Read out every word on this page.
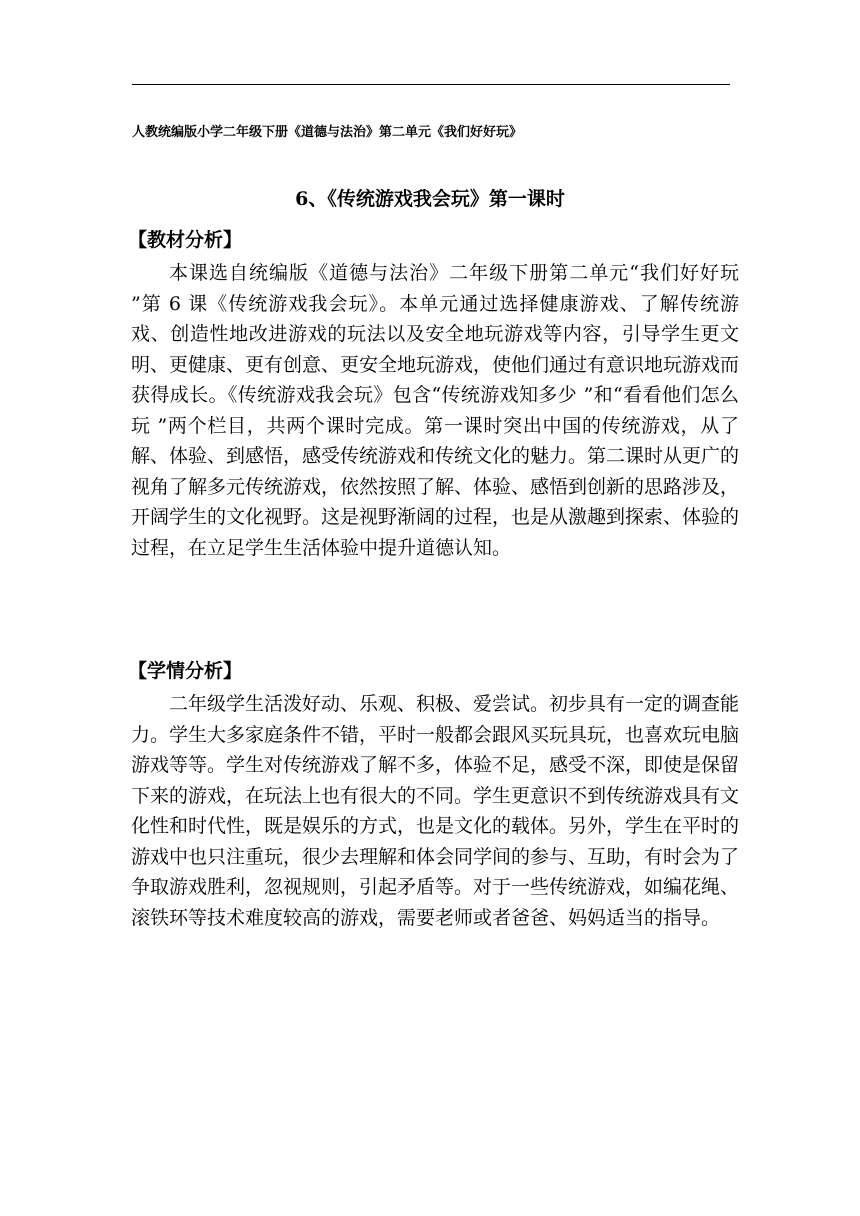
人教统编版小学二年级下册《道德与法治》第二单元《我们好好玩》
6、《传统游戏我会玩》第一课时
【教材分析】

本课选自统编版《道德与法治》二年级下册第二单元“我们好好玩 ”第 6 课《传统游戏我会玩》。本单元通过选择健康游戏、了解传统游戏、创造性地改进游戏的玩法以及安全地玩游戏等内容，引导学生更文明、更健康、更有创意、更安全地玩游戏，使他们通过有意识地玩游戏而获得成长。《传统游戏我会玩》包含“传统游戏知多少 ”和“看看他们怎么玩 ”两个栏目，共两个课时完成。第一课时突出中国的传统游戏，从了解、体验、到感悟，感受传统游戏和传统文化的魅力。第二课时从更广的视角了解多元传统游戏，依然按照了解、体验、感悟到创新的思路涉及，开阔学生的文化视野。这是视野渐阔的过程，也是从激趣到探索、体验的过程，在立足学生生活体验中提升道德认知。

【学情分析】

二年级学生活泼好动、乐观、积极、爱尝试。初步具有一定的调查能力。学生大多家庭条件不错，平时一般都会跟风买玩具玩，也喜欢玩电脑游戏等等。学生对传统游戏了解不多，体验不足，感受不深，即使是保留下来的游戏，在玩法上也有很大的不同。学生更意识不到传统游戏具有文化性和时代性，既是娱乐的方式，也是文化的载体。另外，学生在平时的游戏中也只注重玩，很少去理解和体会同学间的参与、互助，有时会为了争取游戏胜利，忽视规则，引起矛盾等。对于一些传统游戏，如编花绳、滚铁环等技术难度较高的游戏，需要老师或者爸爸、妈妈适当的指导。
